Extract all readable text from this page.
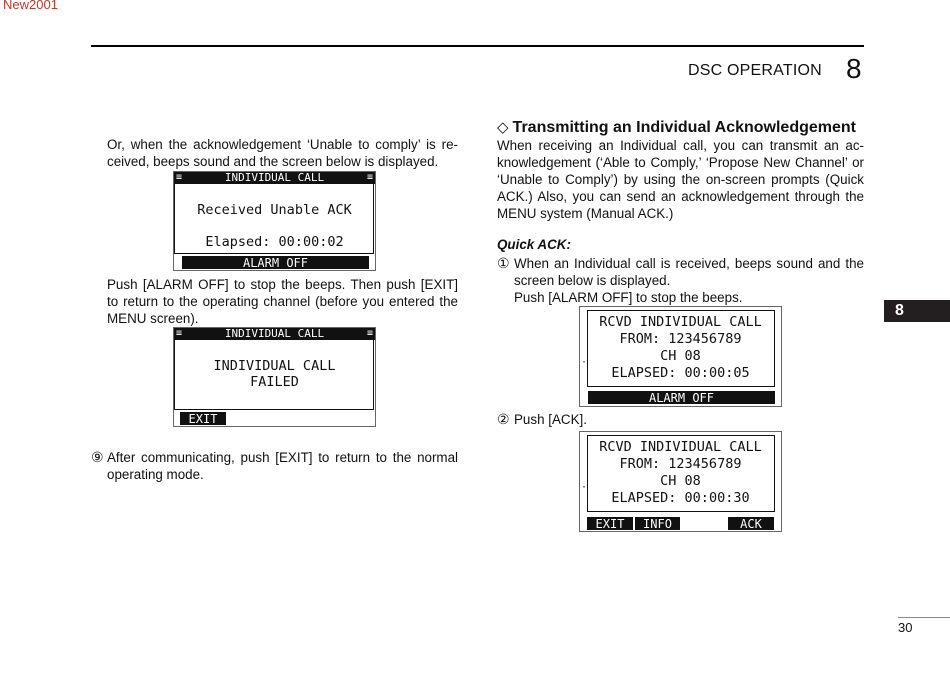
New2001
DSC OPERATION 8
8
30
Or, when the acknowledgement ‘Unable to comply’ is received, beeps sound and the screen below is displayed.
≡	INDIVIDUAL CALL	≡
Received Unable ACK
Elapsed: 00:00:02
ALARM OFF
Push [ALARM OFF] to stop the beeps. Then push [EXIT] to return to the operating channel (before you entered the MENU screen).
≡	INDIVIDUAL CALL	≡
INDIVIDUAL CALL
FAILED
EXIT
⑨ After communicating, push [EXIT] to return to the normal operating mode.
◇ Transmitting an Individual Acknowledgement
When receiving an Individual call, you can transmit an acknowledgement (‘Able to Comply,’ ‘Propose New Channel’ or ‘Unable to Comply’) by using the on-screen prompts (Quick ACK.) Also, you can send an acknowledgement through the MENU system (Manual ACK.)
Quick ACK:
① When an Individual call is received, beeps sound and the screen below is displayed.
Push [ALARM OFF] to stop the beeps.
RCVD INDIVIDUAL CALL
FROM: 123456789
CH 08
ELAPSED: 00:00:05
·
ALARM OFF
② Push [ACK].
RCVD INDIVIDUAL CALL
FROM: 123456789
CH 08
ELAPSED: 00:00:30
·
EXIT	INFO	ACK
